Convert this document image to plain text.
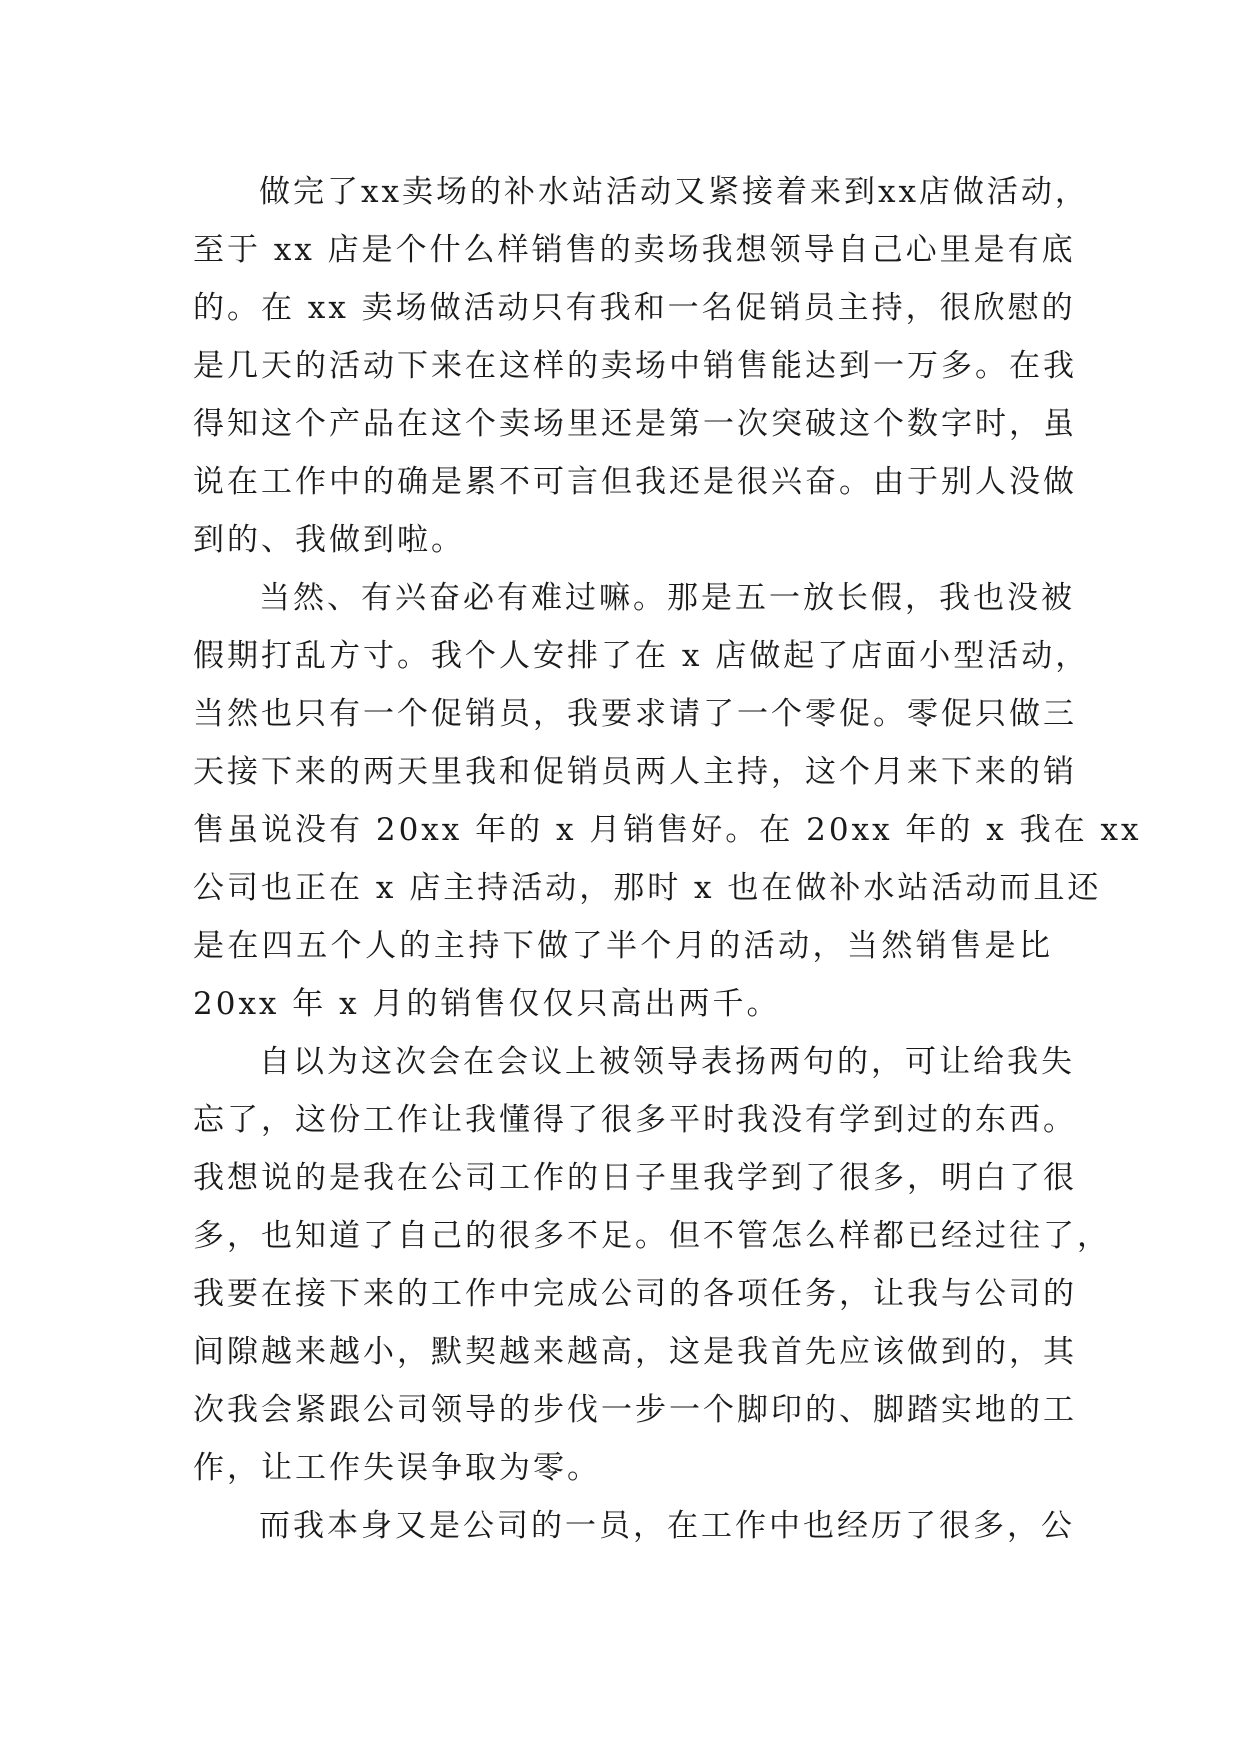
做完了xx卖场的补水站活动又紧接着来到xx店做活动，
至于 xx 店是个什么样销售的卖场我想领导自己心里是有底
的。在 xx 卖场做活动只有我和一名促销员主持，很欣慰的
是几天的活动下来在这样的卖场中销售能达到一万多。在我
得知这个产品在这个卖场里还是第一次突破这个数字时，虽
说在工作中的确是累不可言但我还是很兴奋。由于别人没做
到的、我做到啦。
当然、有兴奋必有难过嘛。那是五一放长假，我也没被
假期打乱方寸。我个人安排了在 x 店做起了店面小型活动，
当然也只有一个促销员，我要求请了一个零促。零促只做三
天接下来的两天里我和促销员两人主持，这个月来下来的销
售虽说没有 20xx 年的 x 月销售好。在 20xx 年的 x 我在 xx
公司也正在 x 店主持活动，那时 x 也在做补水站活动而且还
是在四五个人的主持下做了半个月的活动，当然销售是比
20xx 年 x 月的销售仅仅只高出两千。
自以为这次会在会议上被领导表扬两句的，可让给我失
忘了，这份工作让我懂得了很多平时我没有学到过的东西。
我想说的是我在公司工作的日子里我学到了很多，明白了很
多，也知道了自己的很多不足。但不管怎么样都已经过往了，
我要在接下来的工作中完成公司的各项任务，让我与公司的
间隙越来越小，默契越来越高，这是我首先应该做到的，其
次我会紧跟公司领导的步伐一步一个脚印的、脚踏实地的工
作，让工作失误争取为零。
而我本身又是公司的一员，在工作中也经历了很多，公
